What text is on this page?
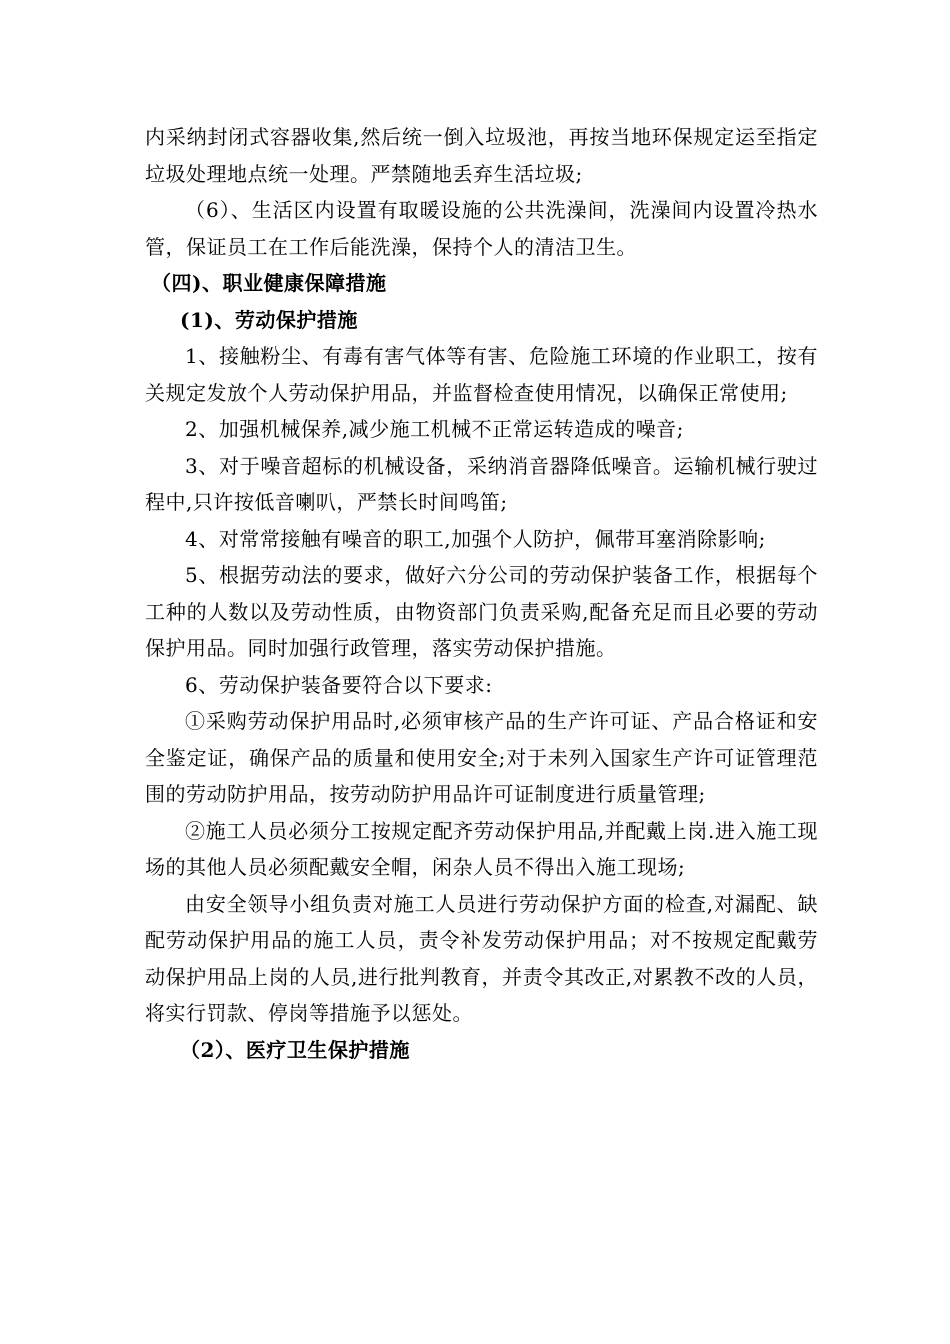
内采纳封闭式容器收集,然后统一倒入垃圾池，再按当地环保规定运至指定垃圾处理地点统一处理。严禁随地丢弃生活垃圾;

（6）、生活区内设置有取暖设施的公共洗澡间，洗澡间内设置冷热水管，保证员工在工作后能洗澡，保持个人的清洁卫生。

（四)、职业健康保障措施

(1)、劳动保护措施

1、接触粉尘、有毒有害气体等有害、危险施工环境的作业职工，按有关规定发放个人劳动保护用品，并监督检查使用情况，以确保正常使用;

2、加强机械保养,减少施工机械不正常运转造成的噪音;

3、对于噪音超标的机械设备，采纳消音器降低噪音。运输机械行驶过程中,只许按低音喇叭，严禁长时间鸣笛;

4、对常常接触有噪音的职工,加强个人防护，佩带耳塞消除影响;

5、根据劳动法的要求，做好六分公司的劳动保护装备工作，根据每个工种的人数以及劳动性质，由物资部门负责采购,配备充足而且必要的劳动保护用品。同时加强行政管理，落实劳动保护措施。

6、劳动保护装备要符合以下要求:

①采购劳动保护用品时,必须审核产品的生产许可证、产品合格证和安全鉴定证，确保产品的质量和使用安全;对于未列入国家生产许可证管理范围的劳动防护用品，按劳动防护用品许可证制度进行质量管理;

②施工人员必须分工按规定配齐劳动保护用品,并配戴上岗.进入施工现场的其他人员必须配戴安全帽，闲杂人员不得出入施工现场;

由安全领导小组负责对施工人员进行劳动保护方面的检查,对漏配、缺配劳动保护用品的施工人员，责令补发劳动保护用品；对不按规定配戴劳动保护用品上岗的人员,进行批判教育，并责令其改正,对累教不改的人员，将实行罚款、停岗等措施予以惩处。

（2）、医疗卫生保护措施
